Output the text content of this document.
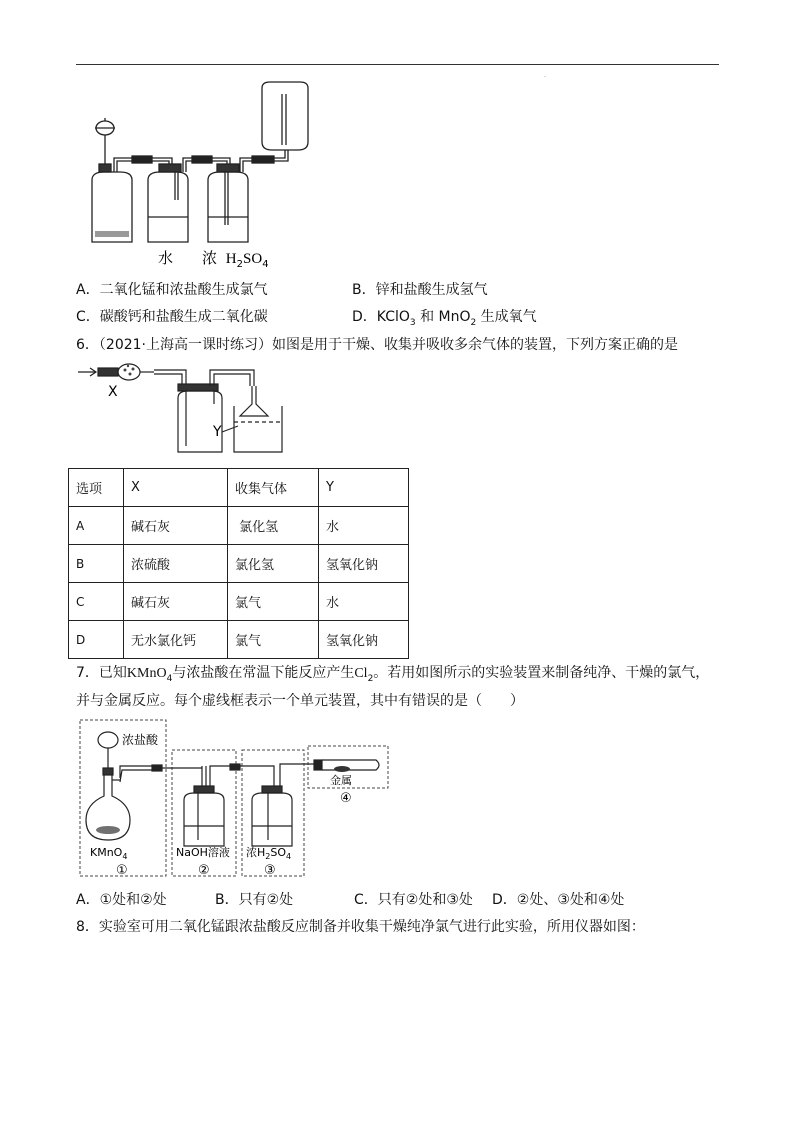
.
水 浓 $H_2SO_4$
A．二氧化锰和浓盐酸生成氯气	B．锌和盐酸生成氢气
C．碳酸钙和盐酸生成二氧化碳	D．KClO$_3$ 和 MnO$_2$ 生成氧气
6．（2021·上海高一课时练习）如图是用于干燥、收集并吸收多余气体的装置，下列方案正确的是
X
Y
选项	X	收集气体	Y
A	碱石灰	氯化氢	水
B	浓硫酸	氯化氢	氢氧化钠
C	碱石灰	氯气	水
D	无水氯化钙	氯气	氢氧化钠
7．已知KMnO$_4$与浓盐酸在常温下能反应产生$Cl_2$。若用如图所示的实验装置来制备纯净、干燥的氯气，
并与金属反应。每个虚线框表示一个单元装置，其中有错误的是（　　）
浓盐酸
KMnO$_4$	NaOH溶液 浓$H_2SO_4$
金属
①	②	③
④
A．①处和②处	B．只有②处	C．只有②处和③处 D．②处、③处和④处
8．实验室可用二氧化锰跟浓盐酸反应制备并收集干燥纯净氯气进行此实验，所用仪器如图：
